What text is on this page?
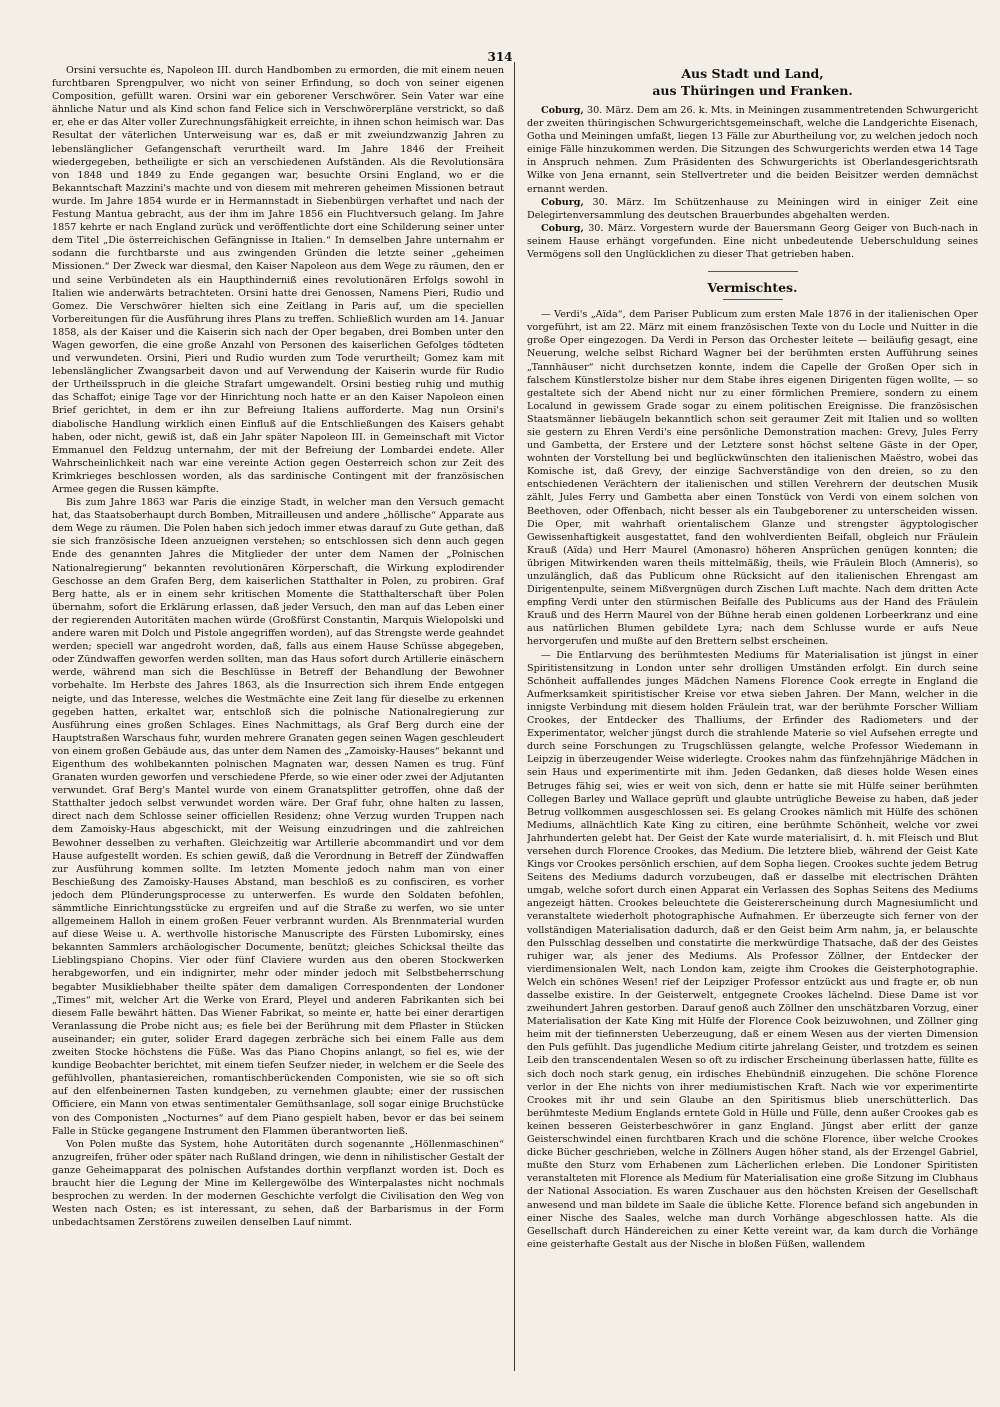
314

Orsini versuchte es, Napoleon III. durch Handbomben zu ermorden, die mit einem neuen furchtbaren Sprengpulver, wo nicht von seiner Erfindung, so doch von seiner eigenen Composition, gefüllt waren. Orsini war ein geborener Verschwörer. Sein Vater war eine ähnliche Natur und als Kind schon fand Felice sich in Verschwörerpläne verstrickt, so daß er, ehe er das Alter voller Zurechnungsfähigkeit erreichte, in ihnen schon heimisch war. Das Resultat der väterlichen Unterweisung war es, daß er mit zweiundzwanzig Jahren zu lebenslänglicher Gefangenschaft verurtheilt ward. Im Jahre 1846 der Freiheit wiedergegeben, betheiligte er sich an verschiedenen Aufständen. Als die Revolutionsära von 1848 und 1849 zu Ende gegangen war, besuchte Orsini England, wo er die Bekanntschaft Mazzini's machte und von diesem mit mehreren geheimen Missionen betraut wurde. Im Jahre 1854 wurde er in Hermannstadt in Siebenbürgen verhaftet und nach der Festung Mantua gebracht, aus der ihm im Jahre 1856 ein Fluchtversuch gelang. Im Jahre 1857 kehrte er nach England zurück und veröffentlichte dort eine Schilderung seiner unter dem Titel „Die österreichischen Gefängnisse in Italien.“ In demselben Jahre unternahm er sodann die furchtbarste und aus zwingenden Gründen die letzte seiner „geheimen Missionen.“ Der Zweck war diesmal, den Kaiser Napoleon aus dem Wege zu räumen, den er und seine Verbündeten als ein Haupthinderniß eines revolutionären Erfolgs sowohl in Italien wie anderwärts betrachteten. Orsini hatte drei Genossen, Namens Pieri, Rudio und Gomez. Die Verschwörer hielten sich eine Zeitlang in Paris auf, um die speciellen Vorbereitungen für die Ausführung ihres Plans zu treffen. Schließlich wurden am 14. Januar 1858, als der Kaiser und die Kaiserin sich nach der Oper begaben, drei Bomben unter den Wagen geworfen, die eine große Anzahl von Personen des kaiserlichen Gefolges tödteten und verwundeten. Orsini, Pieri und Rudio wurden zum Tode verurtheilt; Gomez kam mit lebenslänglicher Zwangsarbeit davon und auf Verwendung der Kaiserin wurde für Rudio der Urtheilsspruch in die gleiche Strafart umgewandelt. Orsini bestieg ruhig und muthig das Schaffot; einige Tage vor der Hinrichtung noch hatte er an den Kaiser Napoleon einen Brief gerichtet, in dem er ihn zur Befreiung Italiens aufforderte. Mag nun Orsini's diabolische Handlung wirklich einen Einfluß auf die Entschließungen des Kaisers gehabt haben, oder nicht, gewiß ist, daß ein Jahr später Napoleon III. in Gemeinschaft mit Victor Emmanuel den Feldzug unternahm, der mit der Befreiung der Lombardei endete. Aller Wahrscheinlichkeit nach war eine vereinte Action gegen Oesterreich schon zur Zeit des Krimkrieges beschlossen worden, als das sardinische Contingent mit der französischen Armee gegen die Russen kämpfte.

Bis zum Jahre 1863 war Paris die einzige Stadt, in welcher man den Versuch gemacht hat, das Staatsoberhaupt durch Bomben, Mitrailleusen und andere „höllische“ Apparate aus dem Wege zu räumen. Die Polen haben sich jedoch immer etwas darauf zu Gute gethan, daß sie sich französische Ideen anzueignen verstehen; so entschlossen sich denn auch gegen Ende des genannten Jahres die Mitglieder der unter dem Namen der „Polnischen Nationalregierung“ bekannten revolutionären Körperschaft, die Wirkung explodirender Geschosse an dem Grafen Berg, dem kaiserlichen Statthalter in Polen, zu probiren. Graf Berg hatte, als er in einem sehr kritischen Momente die Statthalterschaft über Polen übernahm, sofort die Erklärung erlassen, daß jeder Versuch, den man auf das Leben einer der regierenden Autoritäten machen würde (Großfürst Constantin, Marquis Wielopolski und andere waren mit Dolch und Pistole angegriffen worden), auf das Strengste werde geahndet werden; speciell war angedroht worden, daß, falls aus einem Hause Schüsse abgegeben, oder Zündwaffen geworfen werden sollten, man das Haus sofort durch Artillerie einäschern werde, während man sich die Beschlüsse in Betreff der Behandlung der Bewohner vorbehalte. Im Herbste des Jahres 1863, als die Insurrection sich ihrem Ende entgegen neigte, und das Interesse, welches die Westmächte eine Zeit lang für dieselbe zu erkennen gegeben hatten, erkaltet war, entschloß sich die polnische Nationalregierung zur Ausführung eines großen Schlages. Eines Nachmittags, als Graf Berg durch eine der Hauptstraßen Warschaus fuhr, wurden mehrere Granaten gegen seinen Wagen geschleudert von einem großen Gebäude aus, das unter dem Namen des „Zamoisky-Hauses“ bekannt und Eigenthum des wohlbekannten polnischen Magnaten war, dessen Namen es trug. Fünf Granaten wurden geworfen und verschiedene Pferde, so wie einer oder zwei der Adjutanten verwundet. Graf Berg's Mantel wurde von einem Granatsplitter getroffen, ohne daß der Statthalter jedoch selbst verwundet worden wäre. Der Graf fuhr, ohne halten zu lassen, direct nach dem Schlosse seiner officiellen Residenz; ohne Verzug wurden Truppen nach dem Zamoisky-Haus abgeschickt, mit der Weisung einzudringen und die zahlreichen Bewohner desselben zu verhaften. Gleichzeitig war Artillerie abcommandirt und vor dem Hause aufgestellt worden. Es schien gewiß, daß die Verordnung in Betreff der Zündwaffen zur Ausführung kommen sollte. Im letzten Momente jedoch nahm man von einer Beschießung des Zamoisky-Hauses Abstand, man beschloß es zu confisciren, es vorher jedoch dem Plünderungsprocesse zu unterwerfen. Es wurde den Soldaten befohlen, sämmtliche Einrichtungsstücke zu ergreifen und auf die Straße zu werfen, wo sie unter allgemeinem Halloh in einem großen Feuer verbrannt wurden. Als Brennmaterial wurden auf diese Weise u. A. werthvolle historische Manuscripte des Fürsten Lubomirsky, eines bekannten Sammlers archäologischer Documente, benützt; gleiches Schicksal theilte das Lieblingspiano Chopins. Vier oder fünf Claviere wurden aus den oberen Stockwerken herabgeworfen, und ein indignirter, mehr oder minder jedoch mit Selbstbeherrschung begabter Musikliebhaber theilte später dem damaligen Correspondenten der Londoner „Times“ mit, welcher Art die Werke von Erard, Pleyel und anderen Fabrikanten sich bei diesem Falle bewährt hätten. Das Wiener Fabrikat, so meinte er, hatte bei einer derartigen Veranlassung die Probe nicht aus; es fiele bei der Berührung mit dem Pflaster in Stücken auseinander; ein guter, solider Erard dagegen zerbräche sich bei einem Falle aus dem zweiten Stocke höchstens die Füße. Was das Piano Chopins anlangt, so fiel es, wie der kundige Beobachter berichtet, mit einem tiefen Seufzer nieder, in welchem er die Seele des gefühlvollen, phantasiereichen, romantischberückenden Componisten, wie sie so oft sich auf den elfenbeinernen Tasten kundgeben, zu vernehmen glaubte; einer der russischen Officiere, ein Mann von etwas sentimentaler Gemüthsanlage, soll sogar einige Bruchstücke von des Componisten „Nocturnes“ auf dem Piano gespielt haben, bevor er das bei seinem Falle in Stücke gegangene Instrument den Flammen überantworten ließ.

Von Polen mußte das System, hohe Autoritäten durch sogenannte „Höllenmaschinen“ anzugreifen, früher oder später nach Rußland dringen, wie denn in nihilistischer Gestalt der ganze Geheimapparat des polnischen Aufstandes dorthin verpflanzt worden ist. Doch es braucht hier die Legung der Mine im Kellergewölbe des Winterpalastes nicht nochmals besprochen zu werden. In der modernen Geschichte verfolgt die Civilisation den Weg von Westen nach Osten; es ist interessant, zu sehen, daß der Barbarismus in der Form unbedachtsamen Zerstörens zuweilen denselben Lauf nimmt.

Aus Stadt und Land,
aus Thüringen und Franken.

Coburg, 30. März. Dem am 26. k. Mts. in Meiningen zusammentretenden Schwurgericht der zweiten thüringischen Schwurgerichtsgemeinschaft, welche die Landgerichte Eisenach, Gotha und Meiningen umfaßt, liegen 13 Fälle zur Aburtheilung vor, zu welchen jedoch noch einige Fälle hinzukommen werden. Die Sitzungen des Schwurgerichts werden etwa 14 Tage in Anspruch nehmen. Zum Präsidenten des Schwurgerichts ist Oberlandesgerichtsrath Wilke von Jena ernannt, sein Stellvertreter und die beiden Beisitzer werden demnächst ernannt werden.

Coburg, 30. März. Im Schützenhause zu Meiningen wird in einiger Zeit eine Delegirtenversammlung des deutschen Brauerbundes abgehalten werden.

Coburg, 30. März. Vorgestern wurde der Bauersmann Georg Geiger von Buch-nach in seinem Hause erhängt vorgefunden. Eine nicht unbedeutende Ueberschuldung seines Vermögens soll den Unglücklichen zu dieser That getrieben haben.

Vermischtes.

— Verdi's „Aïda“, dem Pariser Publicum zum ersten Male 1876 in der italienischen Oper vorgeführt, ist am 22. März mit einem französischen Texte von du Locle und Nuitter in die große Oper eingezogen. Da Verdi in Person das Orchester leitete — beiläufig gesagt, eine Neuerung, welche selbst Richard Wagner bei der berühmten ersten Aufführung seines „Tannhäuser“ nicht durchsetzen konnte, indem die Capelle der Großen Oper sich in falschem Künstlerstolze bisher nur dem Stabe ihres eigenen Dirigenten fügen wollte, — so gestaltete sich der Abend nicht nur zu einer förmlichen Premiere, sondern zu einem Localund in gewissem Grade sogar zu einem politischen Ereignisse. Die französischen Staatsmänner liebäugeln bekanntlich schon seit geraumer Zeit mit Italien und so wollten sie gestern zu Ehren Verdi's eine persönliche Demonstration machen: Grevy, Jules Ferry und Gambetta, der Erstere und der Letztere sonst höchst seltene Gäste in der Oper, wohnten der Vorstellung bei und beglückwünschten den italienischen Maëstro, wobei das Komische ist, daß Grevy, der einzige Sachverständige von den dreien, so zu den entschiedenen Verächtern der italienischen und stillen Verehrern der deutschen Musik zählt, Jules Ferry und Gambetta aber einen Tonstück von Verdi von einem solchen von Beethoven, oder Offenbach, nicht besser als ein Taubgeborener zu unterscheiden wissen. Die Oper, mit wahrhaft orientalischem Glanze und strengster ägyptologischer Gewissenhaftigkeit ausgestattet, fand den wohlverdienten Beifall, obgleich nur Fräulein Krauß (Aïda) und Herr Maurel (Amonasro) höheren Ansprüchen genügen konnten; die übrigen Mitwirkenden waren theils mittelmäßig, theils, wie Fräulein Bloch (Amneris), so unzulänglich, daß das Publicum ohne Rücksicht auf den italienischen Ehrengast am Dirigentenpulte, seinem Mißvergnügen durch Zischen Luft machte. Nach dem dritten Acte empfing Verdi unter den stürmischen Beifalle des Publicums aus der Hand des Fräulein Krauß und des Herrn Maurel von der Bühne herab einen goldenen Lorbeerkranz und eine aus natürlichen Blumen gebildete Lyra; nach dem Schlusse wurde er aufs Neue hervorgerufen und mußte auf den Brettern selbst erscheinen.

— Die Entlarvung des berühmtesten Mediums für Materialisation ist jüngst in einer Spiritistensitzung in London unter sehr drolligen Umständen erfolgt. Ein durch seine Schönheit auffallendes junges Mädchen Namens Florence Cook erregte in England die Aufmerksamkeit spiritistischer Kreise vor etwa sieben Jahren. Der Mann, welcher in die innigste Verbindung mit diesem holden Fräulein trat, war der berühmte Forscher William Crookes, der Entdecker des Thalliums, der Erfinder des Radiometers und der Experimentator, welcher jüngst durch die strahlende Materie so viel Aufsehen erregte und durch seine Forschungen zu Trugschlüssen gelangte, welche Professor Wiedemann in Leipzig in überzeugender Weise widerlegte. Crookes nahm das fünfzehnjährige Mädchen in sein Haus und experimentirte mit ihm. Jeden Gedanken, daß dieses holde Wesen eines Betruges fähig sei, wies er weit von sich, denn er hatte sie mit Hülfe seiner berühmten Collegen Barley und Wallace geprüft und glaubte untrügliche Beweise zu haben, daß jeder Betrug vollkommen ausgeschlossen sei. Es gelang Crookes nämlich mit Hülfe des schönen Mediums, allnächtlich Kate King zu citiren, eine berühmte Schönheit, welche vor zwei Jahrhunderten gelebt hat. Der Geist der Kate wurde materialisirt, d. h. mit Fleisch und Blut versehen durch Florence Crookes, das Medium. Die letztere blieb, während der Geist Kate Kings vor Crookes persönlich erschien, auf dem Sopha liegen. Crookes suchte jedem Betrug Seitens des Mediums dadurch vorzubeugen, daß er dasselbe mit electrischen Drähten umgab, welche sofort durch einen Apparat ein Verlassen des Sophas Seitens des Mediums angezeigt hätten. Crookes beleuchtete die Geistererscheinung durch Magnesiumlicht und veranstaltete wiederholt photographische Aufnahmen. Er überzeugte sich ferner von der vollständigen Materialisation dadurch, daß er den Geist beim Arm nahm, ja, er belauschte den Pulsschlag desselben und constatirte die merkwürdige Thatsache, daß der des Geistes ruhiger war, als jener des Mediums. Als Professor Zöllner, der Entdecker der vierdimensionalen Welt, nach London kam, zeigte ihm Crookes die Geisterphotographie. Welch ein schönes Wesen! rief der Leipziger Professor entzückt aus und fragte er, ob nun dasselbe existire. In der Geisterwelt, entgegnete Crookes lächelnd. Diese Dame ist vor zweihundert Jahren gestorben. Darauf genoß auch Zöllner den unschätzbaren Vorzug, einer Materialisation der Kate King mit Hülfe der Florence Cook beizuwohnen, und Zöllner ging heim mit der tiefinnersten Ueberzeugung, daß er einem Wesen aus der vierten Dimension den Puls gefühlt. Das jugendliche Medium citirte jahrelang Geister, und trotzdem es seinen Leib den transcendentalen Wesen so oft zu irdischer Erscheinung überlassen hatte, füllte es sich doch noch stark genug, ein irdisches Ehebündniß einzugehen. Die schöne Florence verlor in der Ehe nichts von ihrer mediumistischen Kraft. Nach wie vor experimentirte Crookes mit ihr und sein Glaube an den Spiritismus blieb unerschütterlich. Das berühmteste Medium Englands erntete Gold in Hülle und Fülle, denn außer Crookes gab es keinen besseren Geisterbeschwörer in ganz England. Jüngst aber erlitt der ganze Geisterschwindel einen furchtbaren Krach und die schöne Florence, über welche Crookes dicke Bücher geschrieben, welche in Zöllners Augen höher stand, als der Erzengel Gabriel, mußte den Sturz vom Erhabenen zum Lächerlichen erleben. Die Londoner Spiritisten veranstalteten mit Florence als Medium für Materialisation eine große Sitzung im Clubhaus der National Association. Es waren Zuschauer aus den höchsten Kreisen der Gesellschaft anwesend und man bildete im Saale die übliche Kette. Florence befand sich angebunden in einer Nische des Saales, welche man durch Vorhänge abgeschlossen hatte. Als die Gesellschaft durch Händereichen zu einer Kette vereint war, da kam durch die Vorhänge eine geisterhafte Gestalt aus der Nische in bloßen Füßen, wallendem
